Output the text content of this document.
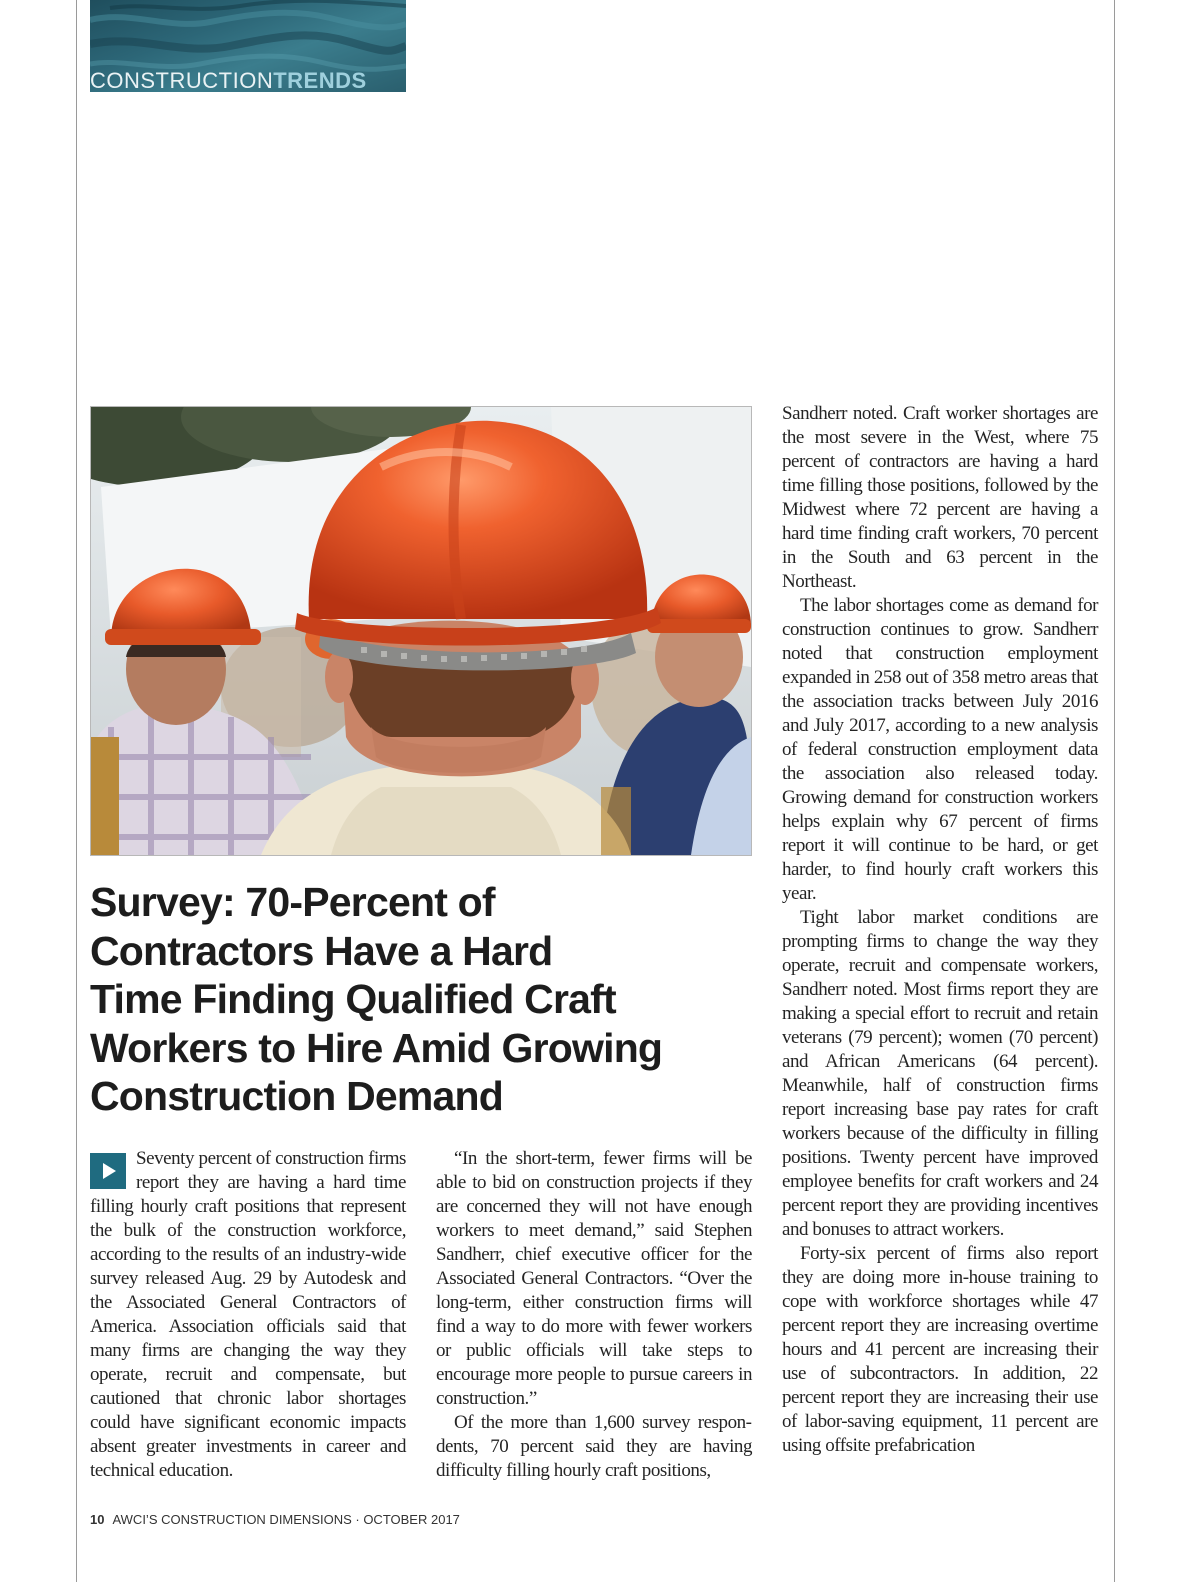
CONSTRUCTIONTRENDS
Survey: 70-Percent of
Contractors Have a Hard
Time Finding Qualified Craft
Workers to Hire Amid Growing
Construction Demand

Seventy percent of construction firms report they are having a hard time filling hourly craft positions that represent the bulk of the construction workforce, according to the results of an industry-wide survey released Aug. 29 by Autodesk and the Associated General Contractors of America. Association officials said that many firms are changing the way they operate, recruit and compensate, but cautioned that chronic labor shortages could have significant economic impacts absent greater investments in career and technical education.

“In the short-term, fewer firms will be able to bid on construction projects if they are concerned they will not have enough workers to meet demand,” said Stephen Sandherr, chief executive officer for the Associated General Contractors. “Over the long-term, either construction firms will find a way to do more with fewer workers or public officials will take steps to encourage more people to pursue careers in construction.”

Of the more than 1,600 survey respondents, 70 percent said they are having difficulty filling hourly craft positions,

Sandherr noted. Craft worker shortages are the most severe in the West, where 75 percent of contractors are having a hard time filling those positions, followed by the Midwest where 72 percent are having a hard time finding craft workers, 70 percent in the South and 63 percent in the Northeast.

The labor shortages come as demand for construction continues to grow. Sandherr noted that construction employment expanded in 258 out of 358 metro areas that the association tracks between July 2016 and July 2017, according to a new analysis of federal construction employment data the association also released today. Growing demand for construction workers helps explain why 67 percent of firms report it will continue to be hard, or get harder, to find hourly craft workers this year.

Tight labor market conditions are prompting firms to change the way they operate, recruit and compensate workers, Sandherr noted. Most firms report they are making a special effort to recruit and retain veterans (79 percent); women (70 percent) and African Americans (64 percent). Meanwhile, half of construction firms report increasing base pay rates for craft workers because of the difficulty in filling positions. Twenty percent have improved employee benefits for craft workers and 24 percent report they are providing incentives and bonuses to attract workers.

Forty-six percent of firms also report they are doing more in-house training to cope with workforce shortages while 47 percent report they are increasing overtime hours and 41 percent are increasing their use of subcontractors. In addition, 22 percent report they are increasing their use of labor-saving equipment, 11 percent are using offsite prefabrication

10 AWCI’S CONSTRUCTION DIMENSIONS · OCTOBER 2017
